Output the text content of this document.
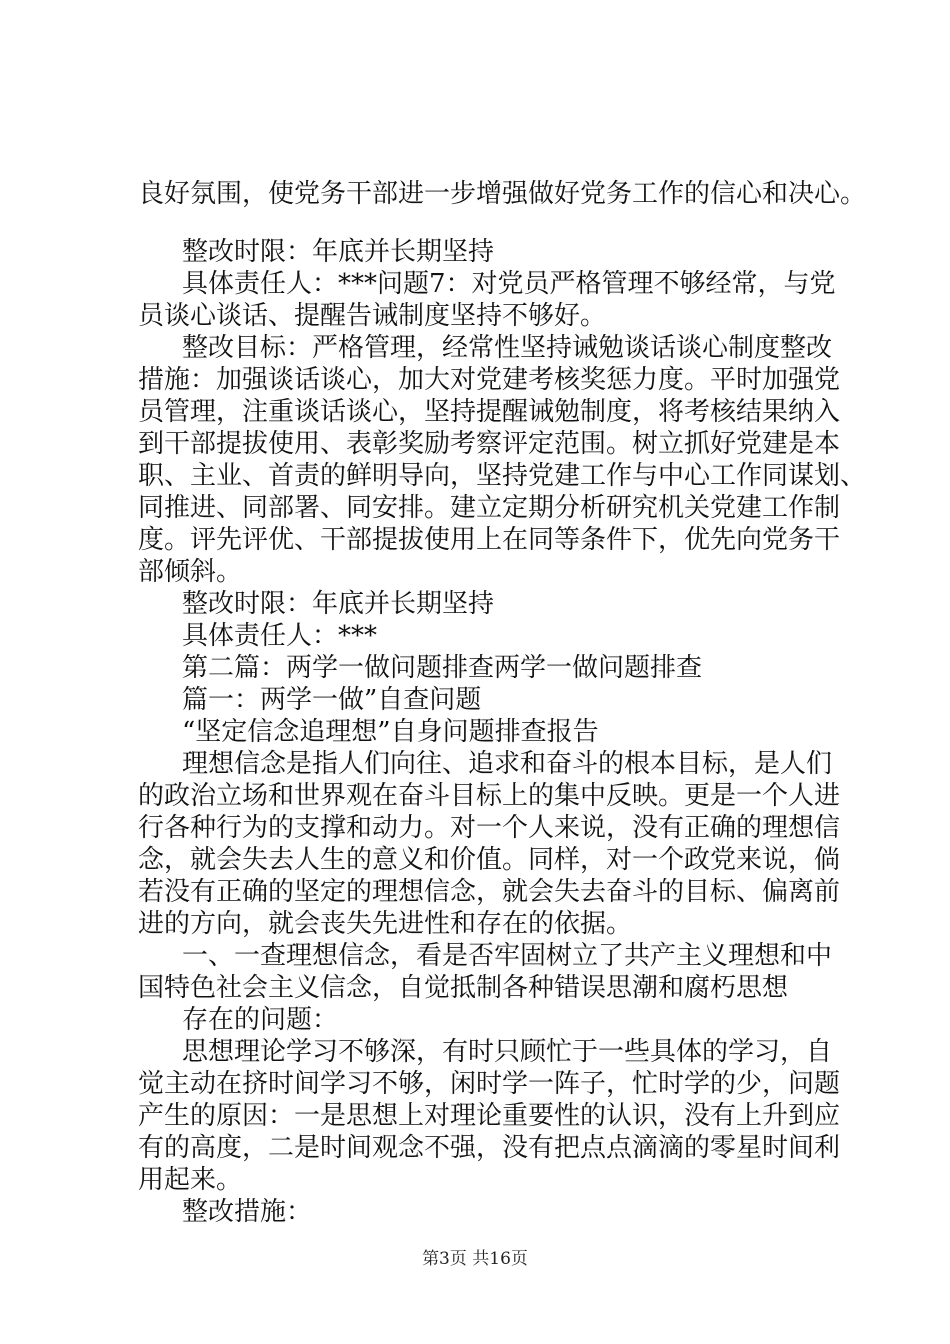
良好氛围，使党务干部进一步增强做好党务工作的信心和决心。
整改时限：年底并长期坚持
具体责任人：***问题7：对党员严格管理不够经常，与党
员谈心谈话、提醒告诫制度坚持不够好。
整改目标：严格管理，经常性坚持诫勉谈话谈心制度整改
措施：加强谈话谈心，加大对党建考核奖惩力度。平时加强党
员管理，注重谈话谈心，坚持提醒诫勉制度，将考核结果纳入
到干部提拔使用、表彰奖励考察评定范围。树立抓好党建是本
职、主业、首责的鲜明导向，坚持党建工作与中心工作同谋划、
同推进、同部署、同安排。建立定期分析研究机关党建工作制
度。评先评优、干部提拔使用上在同等条件下，优先向党务干
部倾斜。
整改时限：年底并长期坚持
具体责任人：***
第二篇：两学一做问题排查两学一做问题排查
篇一：两学一做”自查问题
“坚定信念追理想”自身问题排查报告
理想信念是指人们向往、追求和奋斗的根本目标，是人们
的政治立场和世界观在奋斗目标上的集中反映。更是一个人进
行各种行为的支撑和动力。对一个人来说，没有正确的理想信
念，就会失去人生的意义和价值。同样，对一个政党来说，倘
若没有正确的坚定的理想信念，就会失去奋斗的目标、偏离前
进的方向，就会丧失先进性和存在的依据。
一、一查理想信念，看是否牢固树立了共产主义理想和中
国特色社会主义信念，自觉抵制各种错误思潮和腐朽思想
存在的问题：
思想理论学习不够深，有时只顾忙于一些具体的学习，自
觉主动在挤时间学习不够，闲时学一阵子，忙时学的少，问题
产生的原因：一是思想上对理论重要性的认识，没有上升到应
有的高度，二是时间观念不强，没有把点点滴滴的零星时间利
用起来。
整改措施：
第3页 共16页
